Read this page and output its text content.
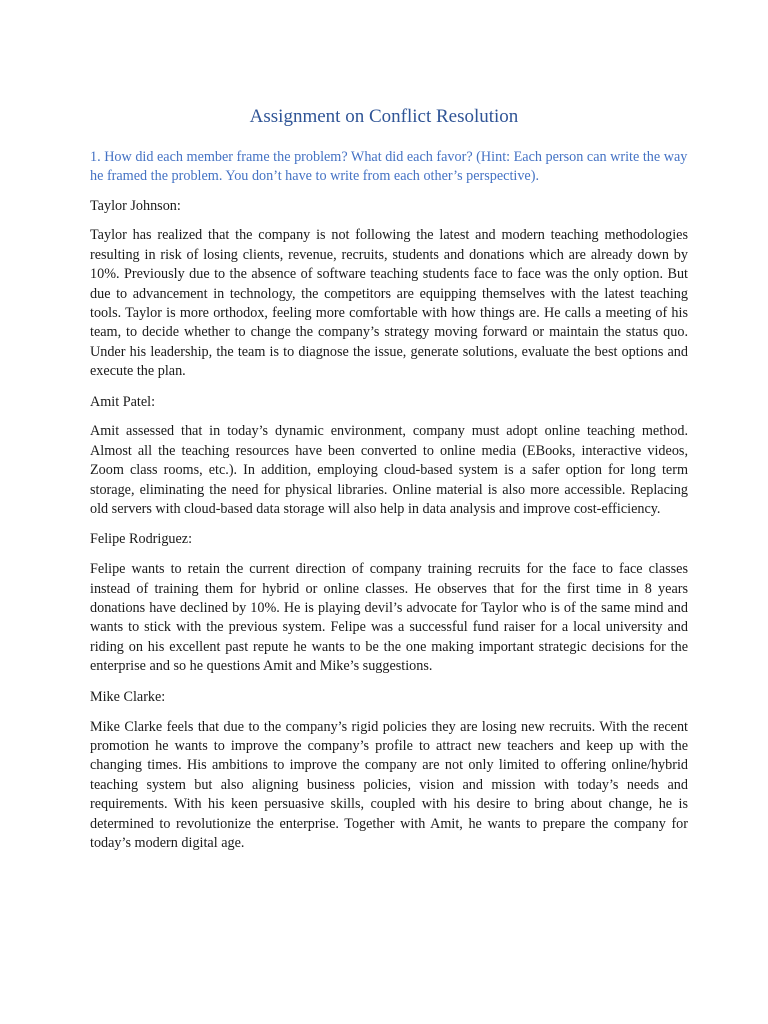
Assignment on Conflict Resolution

1. How did each member frame the problem? What did each favor? (Hint: Each person can write the way he framed the problem. You don’t have to write from each other’s perspective).

Taylor Johnson:

Taylor has realized that the company is not following the latest and modern teaching methodologies resulting in risk of losing clients, revenue, recruits, students and donations which are already down by 10%. Previously due to the absence of software teaching students face to face was the only option. But due to advancement in technology, the competitors are equipping themselves with the latest teaching tools. Taylor is more orthodox, feeling more comfortable with how things are. He calls a meeting of his team, to decide whether to change the company’s strategy moving forward or maintain the status quo. Under his leadership, the team is to diagnose the issue, generate solutions, evaluate the best options and execute the plan.

Amit Patel:

Amit assessed that in today’s dynamic environment, company must adopt online teaching method. Almost all the teaching resources have been converted to online media (EBooks, interactive videos, Zoom class rooms, etc.). In addition, employing cloud-based system is a safer option for long term storage, eliminating the need for physical libraries. Online material is also more accessible. Replacing old servers with cloud-based data storage will also help in data analysis and improve cost-efficiency.

Felipe Rodriguez:

Felipe wants to retain the current direction of company training recruits for the face to face classes instead of training them for hybrid or online classes. He observes that for the first time in 8 years donations have declined by 10%. He is playing devil’s advocate for Taylor who is of the same mind and wants to stick with the previous system. Felipe was a successful fund raiser for a local university and riding on his excellent past repute he wants to be the one making important strategic decisions for the enterprise and so he questions Amit and Mike’s suggestions.

Mike Clarke:

Mike Clarke feels that due to the company’s rigid policies they are losing new recruits. With the recent promotion he wants to improve the company’s profile to attract new teachers and keep up with the changing times. His ambitions to improve the company are not only limited to offering online/hybrid teaching system but also aligning business policies, vision and mission with today’s needs and requirements. With his keen persuasive skills, coupled with his desire to bring about change, he is determined to revolutionize the enterprise. Together with Amit, he wants to prepare the company for today’s modern digital age.
